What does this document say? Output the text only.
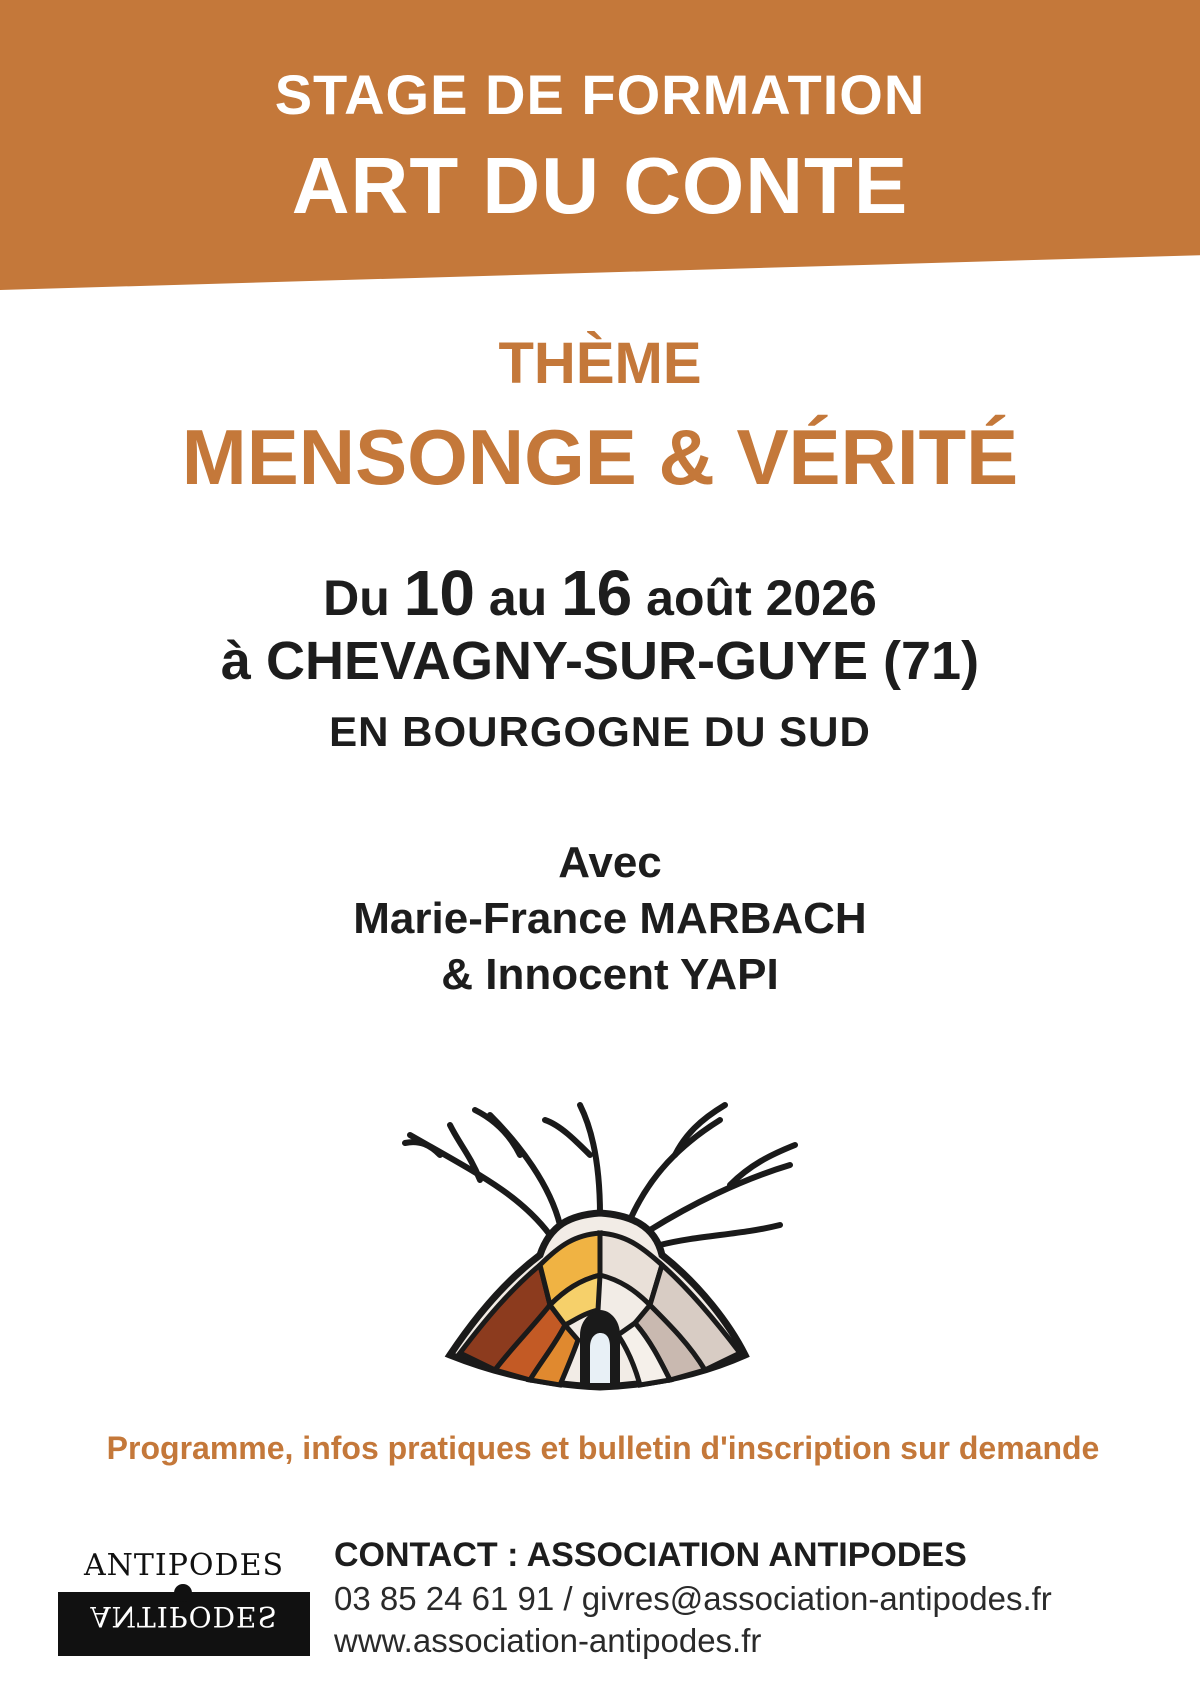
STAGE DE FORMATION
ART DU CONTE
THÈME
MENSONGE & VÉRITÉ
Du 10 au 16 août 2026
à CHEVAGNY-SUR-GUYE (71)
EN BOURGOGNE DU SUD
Avec
Marie-France MARBACH
& Innocent YAPI
Programme, infos pratiques et bulletin d'inscription sur demande
ANTIPODES
ANTIPODES
CONTACT : ASSOCIATION ANTIPODES
03 85 24 61 91 / givres@association-antipodes.fr
www.association-antipodes.fr
